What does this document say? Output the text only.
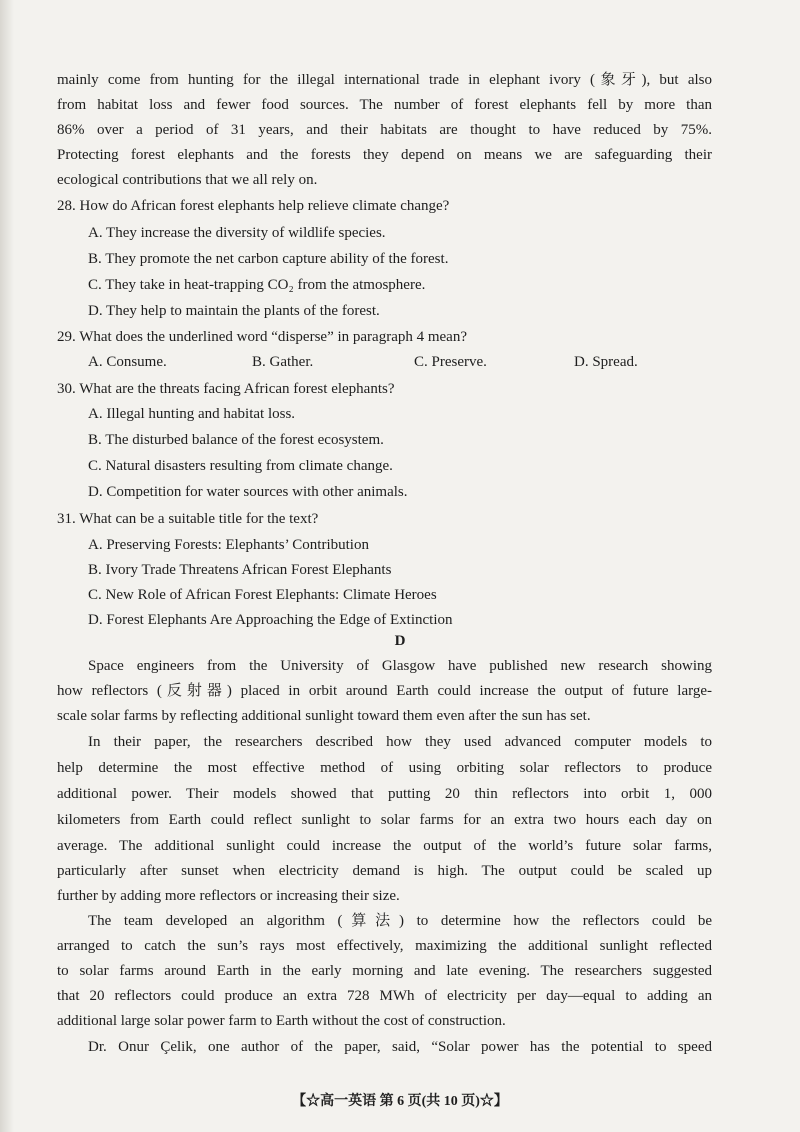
mainly come from hunting for the illegal international trade in elephant ivory (象牙), but also
from habitat loss and fewer food sources. The number of forest elephants fell by more than
86% over a period of 31 years, and their habitats are thought to have reduced by 75%.
Protecting forest elephants and the forests they depend on means we are safeguarding their
ecological contributions that we all rely on.
28. How do African forest elephants help relieve climate change?
A. They increase the diversity of wildlife species.
B. They promote the net carbon capture ability of the forest.
C. They take in heat-trapping CO₂ from the atmosphere.
D. They help to maintain the plants of the forest.
29. What does the underlined word “disperse” in paragraph 4 mean?
A. Consume.	B. Gather.	C. Preserve.	D. Spread.
30. What are the threats facing African forest elephants?
A. Illegal hunting and habitat loss.
B. The disturbed balance of the forest ecosystem.
C. Natural disasters resulting from climate change.
D. Competition for water sources with other animals.
31. What can be a suitable title for the text?
A. Preserving Forests: Elephants’ Contribution
B. Ivory Trade Threatens African Forest Elephants
C. New Role of African Forest Elephants: Climate Heroes
D. Forest Elephants Are Approaching the Edge of Extinction
D
Space engineers from the University of Glasgow have published new research showing
how reflectors (反射器) placed in orbit around Earth could increase the output of future large-
scale solar farms by reflecting additional sunlight toward them even after the sun has set.
In their paper, the researchers described how they used advanced computer models to
help determine the most effective method of using orbiting solar reflectors to produce
additional power. Their models showed that putting 20 thin reflectors into orbit 1, 000
kilometers from Earth could reflect sunlight to solar farms for an extra two hours each day on
average. The additional sunlight could increase the output of the world’s future solar farms,
particularly after sunset when electricity demand is high. The output could be scaled up
further by adding more reflectors or increasing their size.
The team developed an algorithm (算法) to determine how the reflectors could be
arranged to catch the sun’s rays most effectively, maximizing the additional sunlight reflected
to solar farms around Earth in the early morning and late evening. The researchers suggested
that 20 reflectors could produce an extra 728 MWh of electricity per day—equal to adding an
additional large solar power farm to Earth without the cost of construction.
Dr. Onur Çelik, one author of the paper, said, “Solar power has the potential to speed
【☆高一英语 第 6 页(共 10 页)☆】
